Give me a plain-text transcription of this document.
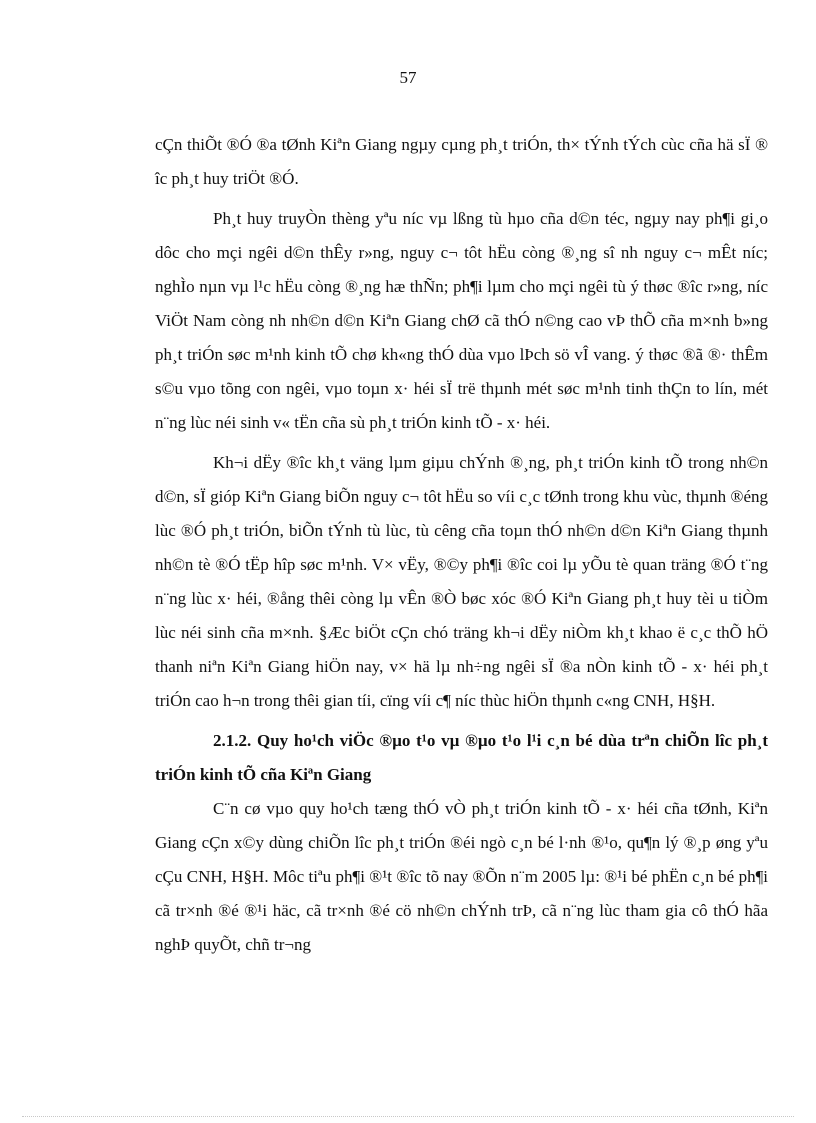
57

cÇn thiÕt ®Ó ®a tØnh Kiªn Giang ngµy cµng ph¸t triÓn, th× tÝnh tÝch cùc cña hä sÏ ® îc ph¸t huy triÖt ®Ó.

Ph¸t huy truyÒn thèng yªu níc vµ lßng tù hµo cña d©n téc, ngµy nay ph¶i gi¸o dôc cho mçi ngêi d©n thÊy r»ng, nguy c¬ tôt hËu còng ®¸ng sî nh nguy c¬ mÊt níc; nghÌo nµn vµ l¹c hËu còng ®¸ng hæ thÑn; ph¶i lµm cho mçi ngêi tù ý thøc ®îc r»ng, níc ViÖt Nam còng nh nh©n d©n Kiªn Giang chØ cã thÓ n©ng cao vÞ thÕ cña m×nh b»ng ph¸t triÓn søc m¹nh kinh tÕ chø kh«ng thÓ dùa vµo lÞch sö vÎ vang. ý thøc ®ã ®· thÊm s©u vµo tõng con ngêi, vµo toµn x· héi sÏ trë thµnh mét søc m¹nh tinh thÇn to lín, mét n¨ng lùc néi sinh v« tËn cña sù ph¸t triÓn kinh tÕ - x· héi.

Kh¬i dËy ®îc kh¸t väng lµm giµu chÝnh ®¸ng, ph¸t triÓn kinh tÕ trong nh©n d©n, sÏ gióp Kiªn Giang biÕn nguy c¬ tôt hËu so víi c¸c tØnh trong khu vùc, thµnh ®éng lùc ®Ó ph¸t triÓn, biÕn tÝnh tù lùc, tù cêng cña toµn thÓ nh©n d©n Kiªn Giang thµnh nh©n tè ®Ó tËp hîp søc m¹nh. V× vËy, ®©y ph¶i ®îc coi lµ yÕu tè quan träng ®Ó t¨ng n¨ng lùc x· héi, ®ång thêi còng lµ vÊn ®Ò bøc xóc ®Ó Kiªn Giang ph¸t huy tèi u tiÒm lùc néi sinh cña m×nh. §Æc biÖt cÇn chó träng kh¬i dËy niÒm kh¸t khao ë c¸c thÕ hÖ thanh niªn Kiªn Giang hiÖn nay, v× hä lµ nh÷ng ngêi sÏ ®a nÒn kinh tÕ - x· héi ph¸t triÓn cao h¬n trong thêi gian tíi, cïng víi c¶ níc thùc hiÖn thµnh c«ng CNH, H§H.

2.1.2. Quy ho¹ch viÖc ®µo t¹o vµ ®µo t¹o l¹i c¸n bé dùa trªn chiÕn lîc ph¸t triÓn kinh tÕ cña Kiªn Giang

C¨n cø vµo quy ho¹ch tæng thÓ vÒ ph¸t triÓn kinh tÕ - x· héi cña tØnh, Kiªn Giang cÇn x©y dùng chiÕn lîc ph¸t triÓn ®éi ngò c¸n bé l·nh ®¹o, qu¶n lý ®¸p øng yªu cÇu CNH, H§H. Môc tiªu ph¶i ®¹t ®îc tõ nay ®Õn n¨m 2005 lµ: ®¹i bé phËn c¸n bé ph¶i cã tr×nh ®é ®¹i häc, cã tr×nh ®é cö nh©n chÝnh trÞ, cã n¨ng lùc tham gia cô thÓ hãa nghÞ quyÕt, chñ tr¬ng
